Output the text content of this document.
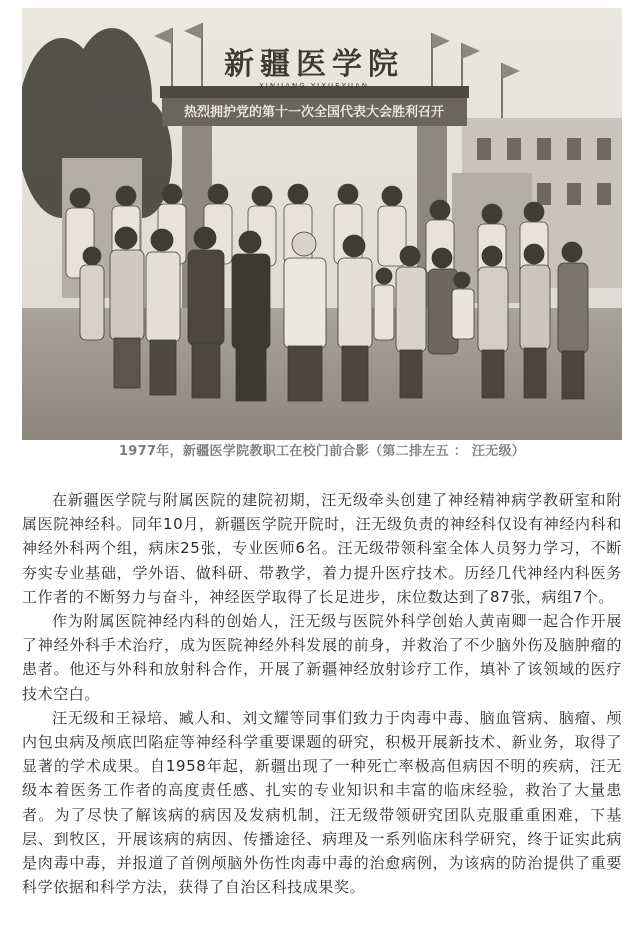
新疆医学院
XINJIANG YIXUEYUAN
热烈拥护党的第十一次全国代表大会胜利召开
1977年，新疆医学院教职工在校门前合影（第二排左五 ： 汪无级）

在新疆医学院与附属医院的建院初期，汪无级牵头创建了神经精神病学教研室和附属医院神经科。同年10月，新疆医学院开院时，汪无级负责的神经科仅设有神经内科和神经外科两个组，病床25张，专业医师6名。汪无级带领科室全体人员努力学习，不断夯实专业基础，学外语、做科研、带教学，着力提升医疗技术。历经几代神经内科医务工作者的不断努力与奋斗，神经医学取得了长足进步，床位数达到了87张，病组7个。

作为附属医院神经内科的创始人，汪无级与医院外科学创始人黄南卿一起合作开展了神经外科手术治疗，成为医院神经外科发展的前身，并救治了不少脑外伤及脑肿瘤的患者。他还与外科和放射科合作，开展了新疆神经放射诊疗工作，填补了该领域的医疗技术空白。

汪无级和王禄培、臧人和、刘文耀等同事们致力于肉毒中毒、脑血管病、脑瘤、颅内包虫病及颅底凹陷症等神经科学重要课题的研究，积极开展新技术、新业务，取得了显著的学术成果。自1958年起，新疆出现了一种死亡率极高但病因不明的疾病，汪无级本着医务工作者的高度责任感、扎实的专业知识和丰富的临床经验，救治了大量患者。为了尽快了解该病的病因及发病机制，汪无级带领研究团队克服重重困难，下基层、到牧区，开展该病的病因、传播途径、病理及一系列临床科学研究，终于证实此病是肉毒中毒，并报道了首例颅脑外伤性肉毒中毒的治愈病例，为该病的防治提供了重要科学依据和科学方法，获得了自治区科技成果奖。
